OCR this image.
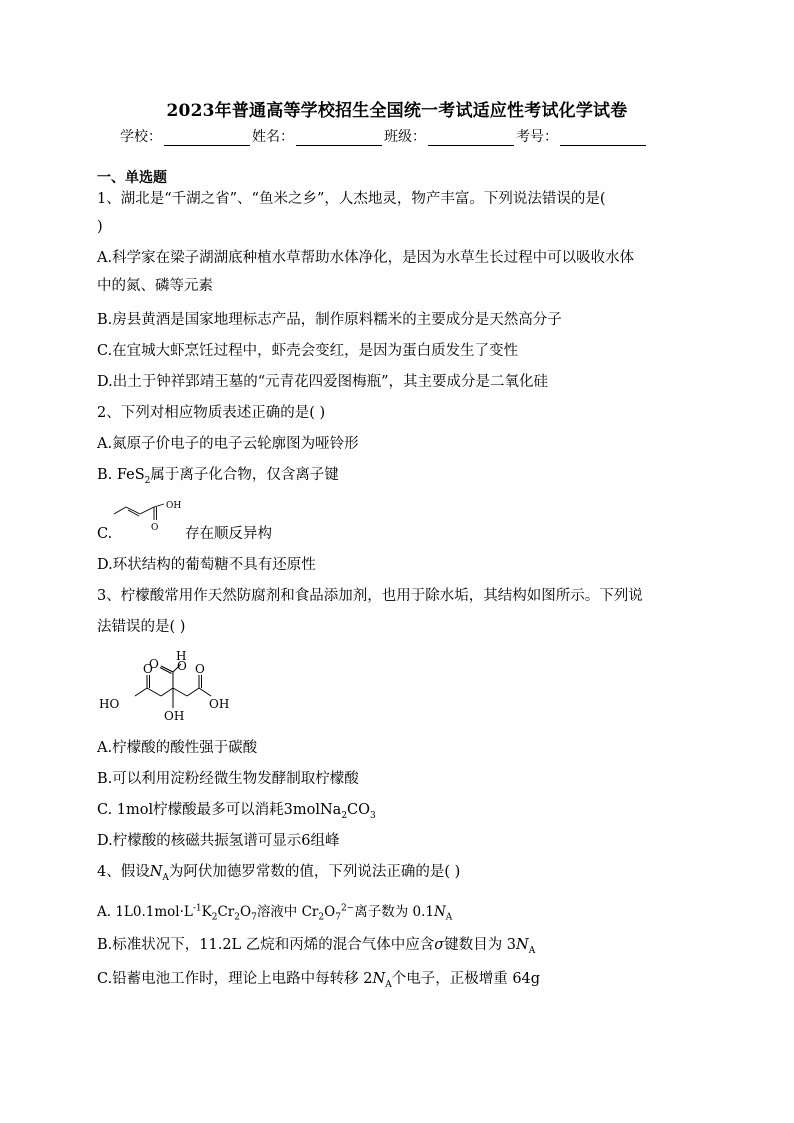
2023年普通高等学校招生全国统一考试适应性考试化学试卷
学校：	姓名：	班级：	考号：
一、单选题
1、湖北是“千湖之省”、“鱼米之乡”，人杰地灵，物产丰富。下列说法错误的是(
)
A.科学家在梁子湖湖底种植水草帮助水体净化，是因为水草生长过程中可以吸收水体
中的氮、磷等元素
B.房县黄酒是国家地理标志产品，制作原料糯米的主要成分是天然高分子
C.在宜城大虾烹饪过程中，虾壳会变红，是因为蛋白质发生了变性
D.出土于钟祥郢靖王墓的“元青花四爱图梅瓶”，其主要成分是二氧化硅
2、下列对相应物质表述正确的是( )
A.氮原子价电子的电子云轮廓图为哑铃形
B. FeS$_2$属于离子化合物，仅含离子键
C.
OH
O 存在顺反异构
D.环状结构的葡萄糖不具有还原性
3、柠檬酸常用作天然防腐剂和食品添加剂，也用于除水垢，其结构如图所示。下列说
法错误的是( )
O
H
O
HO
O	O
OH
OH
A.柠檬酸的酸性强于碳酸
B.可以利用淀粉经微生物发酵制取柠檬酸
C. 1mol柠檬酸最多可以消耗$3molNa_2CO_3$
D.柠檬酸的核磁共振氢谱可显示6组峰
4、假设$N_A$为阿伏加德罗常数的值，下列说法正确的是( )
A. $1L0.1mol\cdot L^{-1}K_2Cr_2O_7$溶液中 $Cr_2O_7^{2-}$离子数为 $0.1N_A$
B.标准状况下，11.2L 乙烷和丙烯的混合气体中应含σ键数目为 $3N_A$
C.铅蓄电池工作时，理论上电路中每转移 $2N_A$个电子，正极增重 64g
